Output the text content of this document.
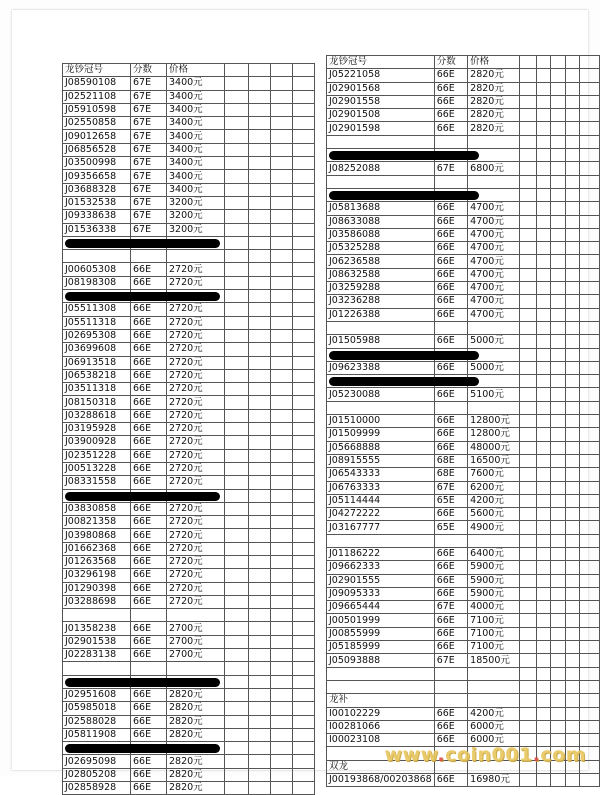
龙钞冠号	分数	价格				
J08590108	67E	3400元				
J02521108	67E	3400元				
J05910598	67E	3400元				
J02550858	67E	3400元				
J09012658	67E	3400元				
J06856528	67E	3400元				
J03500998	67E	3400元				
J09356658	67E	3400元				
J03688328	67E	3400元				
J01532538	67E	3200元				
J09338638	67E	3200元				
J01536338	67E	3200元				

J00605308	66E	2720元				
J08198308	66E	2720元				

J05511308	66E	2720元				
J05511318	66E	2720元				
J02695308	66E	2720元				
J03699608	66E	2720元				
J06913518	66E	2720元				
J06538218	66E	2720元				
J03511318	66E	2720元				
J08150318	66E	2720元				
J03288618	66E	2720元				
J03195928	66E	2720元				
J03900928	66E	2720元				
J02351228	66E	2720元				
J00513228	66E	2720元				
J08331558	66E	2720元				

J03830858	66E	2720元				
J00821358	66E	2720元				
J03980868	66E	2720元				
J01662368	66E	2720元				
J01263568	66E	2720元				
J03296198	66E	2720元				
J01290398	66E	2720元				
J03288698	66E	2720元				

J01358238	66E	2700元				
J02901538	66E	2700元				
J02283138	66E	2700元				

J02951608	66E	2820元				
J05985018	66E	2820元				
J02588028	66E	2820元				
J05811908	66E	2820元				

J02695098	66E	2820元				
J02805208	66E	2820元				
J02858928	66E	2820元				
龙钞冠号	分数	价格					
J05221058	66E	2820元					
J02901568	66E	2820元					
J02901558	66E	2820元					
J02901508	66E	2820元					
J02901598	66E	2820元					

J08252088	67E	6800元					

J05813688	66E	4700元					
J08633088	66E	4700元					
J03586088	66E	4700元					
J05325288	66E	4700元					
J06236588	66E	4700元					
J08632588	66E	4700元					
J03259288	66E	4700元					
J03236288	66E	4700元					
J01226388	66E	4700元					

J01505988	66E	5000元					

J09623388	66E	5000元					

J05230088	66E	5100元					

J01510000	66E	12800元					
J01509999	66E	12800元					
J05668888	66E	48000元					
J08915555	68E	16500元					
J06543333	68E	7600元					
J06763333	67E	6200元					
J05114444	65E	4200元					
J04272222	66E	5600元					
J03167777	65E	4900元					

J01186222	66E	6400元					
J09662333	66E	5900元					
J02901555	66E	5900元					
J09095333	66E	5900元					
J09665444	67E	4000元					
J00501999	66E	7100元					
J00855999	66E	7100元					
J05185999	66E	7100元					
J05093888	67E	18500元					

龙补							
I00102229	66E	4200元					
I00281066	66E	6000元					
I00023108	66E	6000元					

双龙							
J00193868/00203868	66E	16980元					
www.coin001.com
